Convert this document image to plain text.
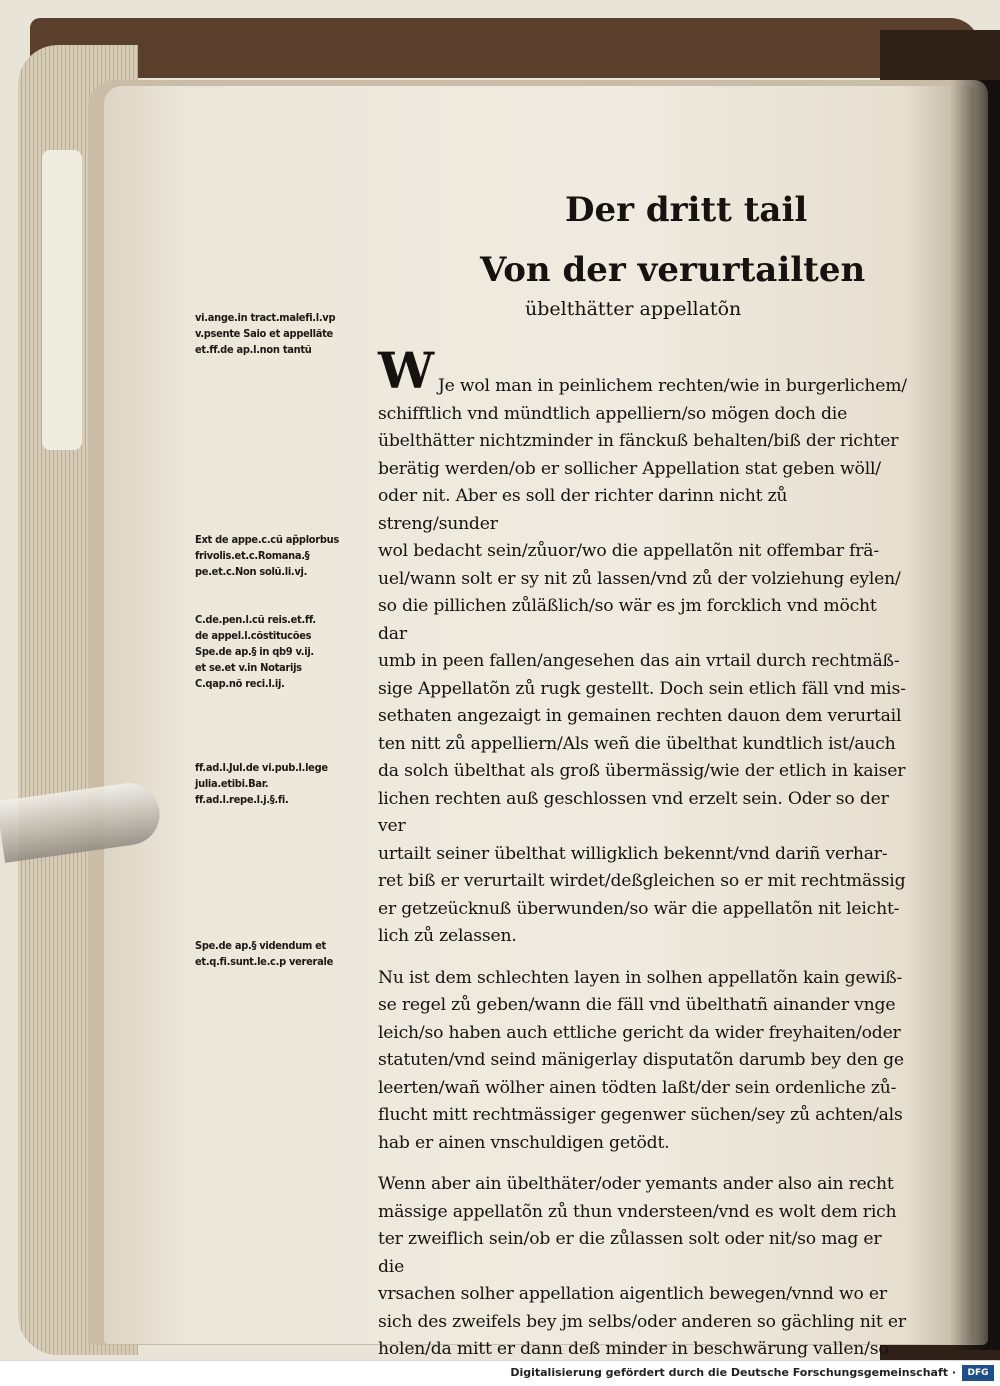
Der dritt tail
Von der verurtailten
übelthätter appellatõn
vi.ange.in tract.malefi.l.vp
v.psente Saio et appellãte
et.ff.de ap.l.non tantũ
Ext de appe.c.cũ ap̃plorbus
frivolis.et.c.Romana.§
pe.et.c.Non solũ.li.vj.
C.de.pen.l.cũ reis.et.ff.
de appel.l.cõstitucões
Spe.de ap.§ in qb9 v.ij.
et se.et v.in Notarijs
C.qap.nõ reci.l.ij.
ff.ad.l.Jul.de vi.pub.l.lege
julia.etibi.Bar.
ff.ad.l.repe.l.j.§.fi.
Spe.de ap.§ videndum et
et.q.fi.sunt.le.c.p vererale

W Je wol man in peinlichem rechten/wie in burgerlichem/
schifftlich vnd mündtlich appelliern/so mögen doch die
übelthätter nichtzminder in fänckuß behalten/biß der richter
berätig werden/ob er sollicher Appellation stat geben wöll/
oder nit. Aber es soll der richter darinn nicht zů streng/sunder
wol bedacht sein/zůuor/wo die appellatõn nit offembar frä-
uel/wann solt er sy nit zů lassen/vnd zů der volziehung eylen/
so die pillichen zůläßlich/so wär es jm forcklich vnd möcht dar
umb in peen fallen/angesehen das ain vrtail durch rechtmäß-
sige Appellatõn zů rugk gestellt. Doch sein etlich fäll vnd mis-
sethaten angezaigt in gemainen rechten dauon dem verurtail
ten nitt zů appelliern/Als weñ die übelthat kundtlich ist/auch
da solch übelthat als groß übermässig/wie der etlich in kaiser
lichen rechten auß geschlossen vnd erzelt sein. Oder so der ver
urtailt seiner übelthat willigklich bekennt/vnd dariñ verhar-
ret biß er verurtailt wirdet/deßgleichen so er mit rechtmässig
er getzeücknuß überwunden/so wär die appellatõn nit leicht-
lich zů zelassen.

Nu ist dem schlechten layen in solhen appellatõn kain gewiß-
se regel zů geben/wann die fäll vnd übelthatñ ainander vnge
leich/so haben auch ettliche gericht da wider freyhaiten/oder
statuten/vnd seind mänigerlay disputatõn darumb bey den ge
leerten/wañ wölher ainen tödten laßt/der sein ordenliche zů-
flucht mitt rechtmässiger gegenwer süchen/sey zů achten/als
hab er ainen vnschuldigen getödt.
Wenn aber ain übelthäter/oder yemants ander also ain recht
mässige appellatõn zů thun vndersteen/vnd es wolt dem rich
ter zweiflich sein/ob er die zůlassen solt oder nit/so mag er die
vrsachen solher appellation aigentlich bewegen/vnnd wo er
sich des zweifels bey jm selbs/oder anderen so gächling nit er
holen/da mitt er dann deß minder in beschwärung vallen/so

Digitalisierung gefördert durch die Deutsche Forschungsgemeinschaft ·	DFG
